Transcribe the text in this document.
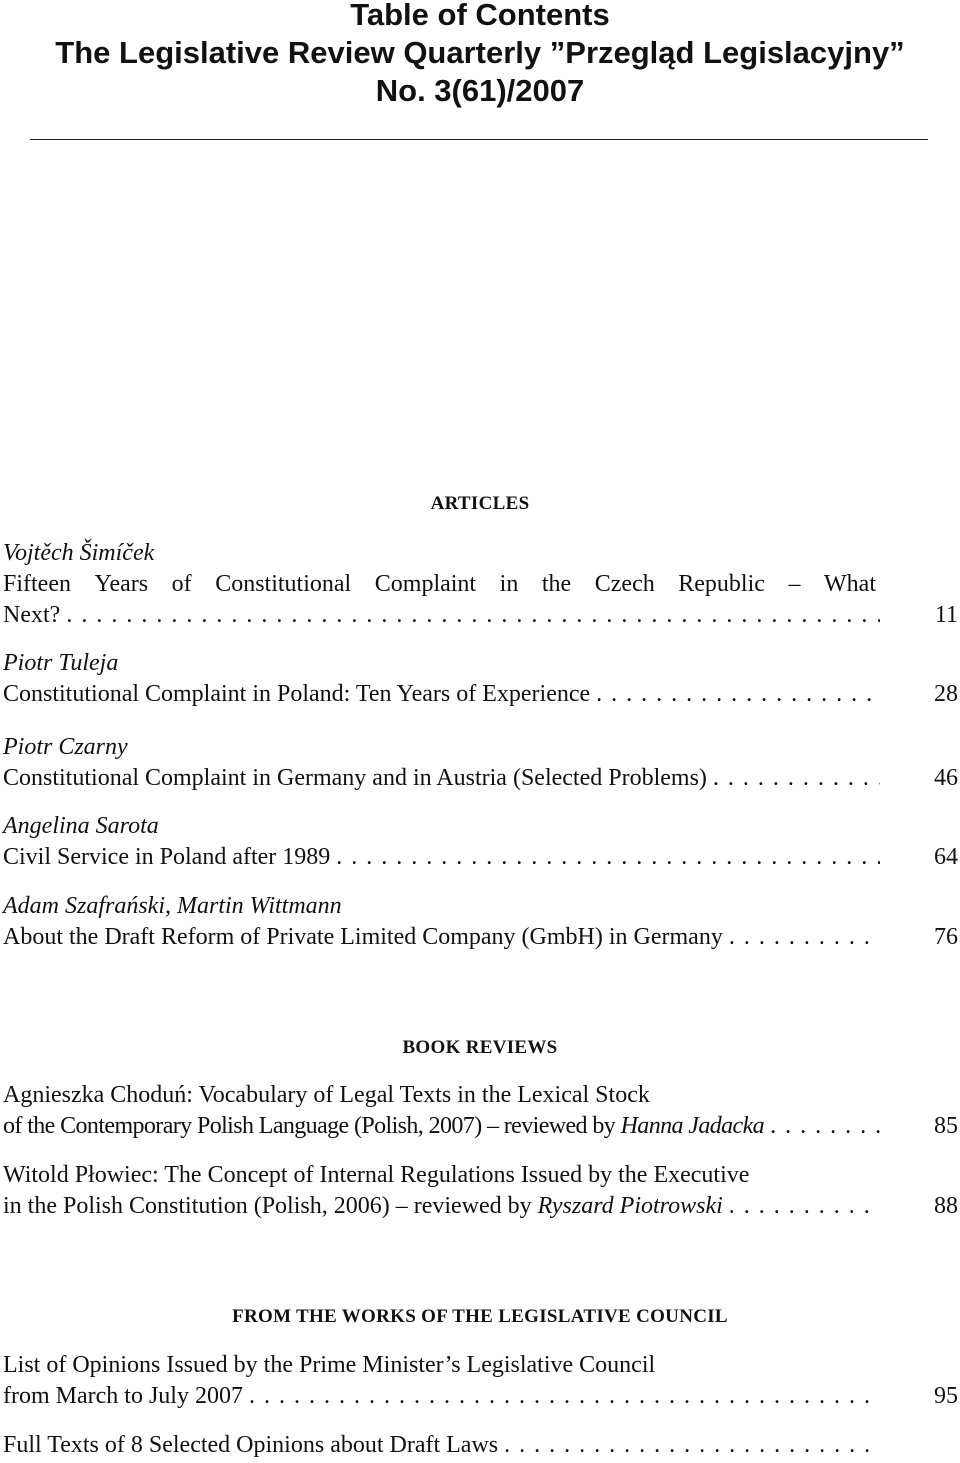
Table of Contents
The Legislative Review Quarterly ”Przegląd Legislacyjny”
No. 3(61)/2007
ARTICLES
Vojtěch Šimíček
Fifteen Years of Constitutional Complaint in the Czech Republic – What
Next? . . .	11
Piotr Tuleja
Constitutional Complaint in Poland: Ten Years of Experience . . .	28
Piotr Czarny
Constitutional Complaint in Germany and in Austria (Selected Problems) . . .	46
Angelina Sarota
Civil Service in Poland after 1989 . . .	64
Adam Szafrański, Martin Wittmann
About the Draft Reform of Private Limited Company (GmbH) in Germany . . .	76
BOOK REVIEWS
Agnieszka Choduń: Vocabulary of Legal Texts in the Lexical Stock
of the Contemporary Polish Language (Polish, 2007) – reviewed by Hanna Jadacka . . .	85
Witold Płowiec: The Concept of Internal Regulations Issued by the Executive
in the Polish Constitution (Polish, 2006) – reviewed by Ryszard Piotrowski . . .	88
FROM THE WORKS OF THE LEGISLATIVE COUNCIL
List of Opinions Issued by the Prime Minister’s Legislative Council
from March to July 2007 . . .	95
Full Texts of 8 Selected Opinions about Draft Laws
. . .
